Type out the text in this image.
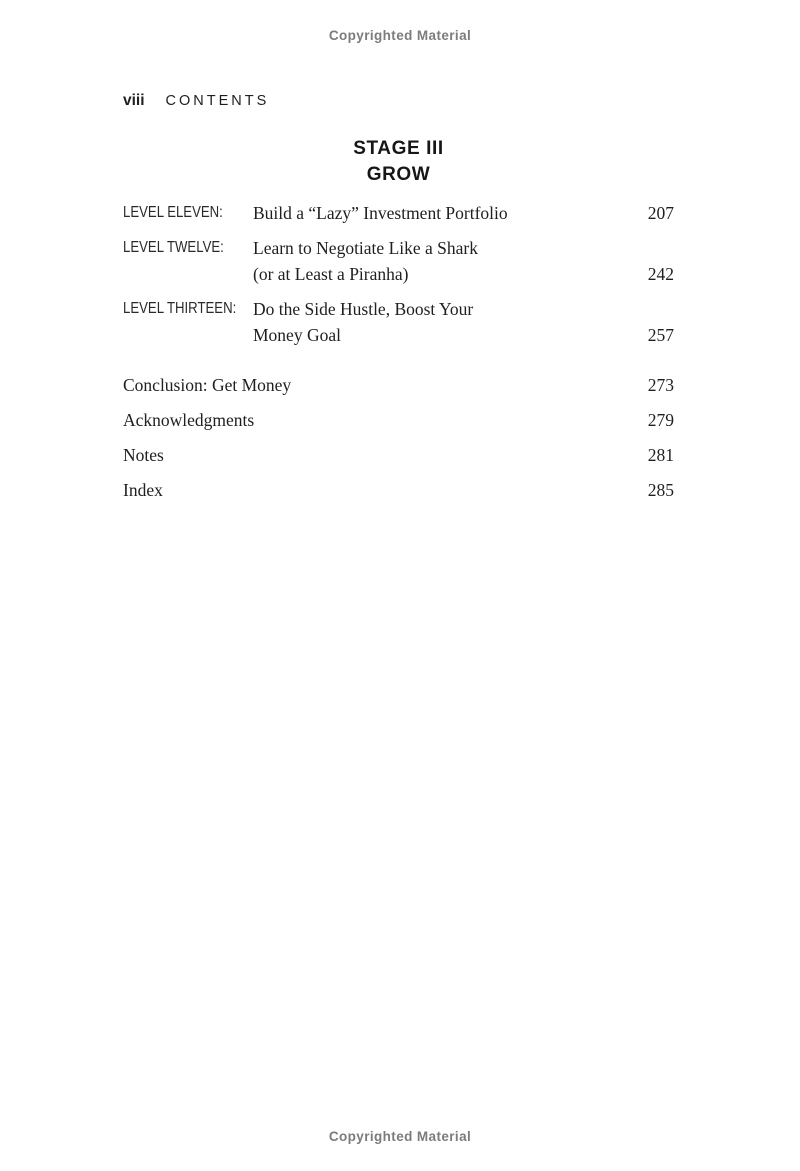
Copyrighted Material
viii CONTENTS
STAGE III
GROW
LEVEL ELEVEN:	Build a “Lazy” Investment Portfolio	207
LEVEL TWELVE:	Learn to Negotiate Like a Shark
(or at Least a Piranha)	242
LEVEL THIRTEEN: Do the Side Hustle, Boost Your
Money Goal	257
Conclusion: Get Money	273
Acknowledgments	279
Notes	281
Index	285
Copyrighted Material
